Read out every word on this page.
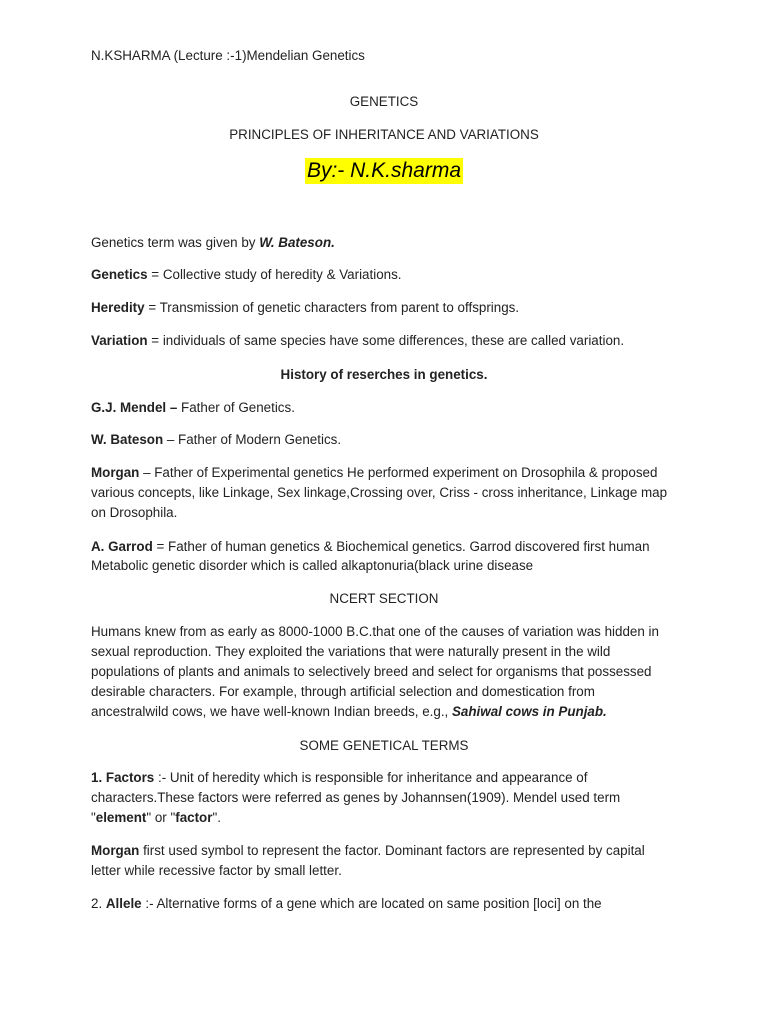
N.KSHARMA (Lecture :-1)Mendelian Genetics
GENETICS
PRINCIPLES OF INHERITANCE AND VARIATIONS
By:- N.K.sharma
Genetics term was given by W. Bateson.
Genetics = Collective study of heredity & Variations.
Heredity = Transmission of genetic characters from parent to offsprings.
Variation = individuals of same species have some differences, these are called variation.
History of reserches in genetics.
G.J. Mendel – Father of Genetics.
W. Bateson – Father of Modern Genetics.
Morgan – Father of Experimental genetics He performed experiment on Drosophila & proposed
various concepts, like Linkage, Sex linkage,Crossing over, Criss - cross inheritance, Linkage map
on Drosophila.
A. Garrod = Father of human genetics & Biochemical genetics. Garrod discovered first human
Metabolic genetic disorder which is called alkaptonuria(black urine disease
NCERT SECTION
Humans knew from as early as 8000-1000 B.C.that one of the causes of variation was hidden in
sexual reproduction. They exploited the variations that were naturally present in the wild
populations of plants and animals to selectively breed and select for organisms that possessed
desirable characters. For example, through artificial selection and domestication from
ancestralwild cows, we have well-known Indian breeds, e.g., Sahiwal cows in Punjab.
SOME GENETICAL TERMS
1. Factors :- Unit of heredity which is responsible for inheritance and appearance of
characters.These factors were referred as genes by Johannsen(1909). Mendel used term
"element" or "factor".
Morgan first used symbol to represent the factor. Dominant factors are represented by capital
letter while recessive factor by small letter.
2. Allele :- Alternative forms of a gene which are located on same position [loci] on the
